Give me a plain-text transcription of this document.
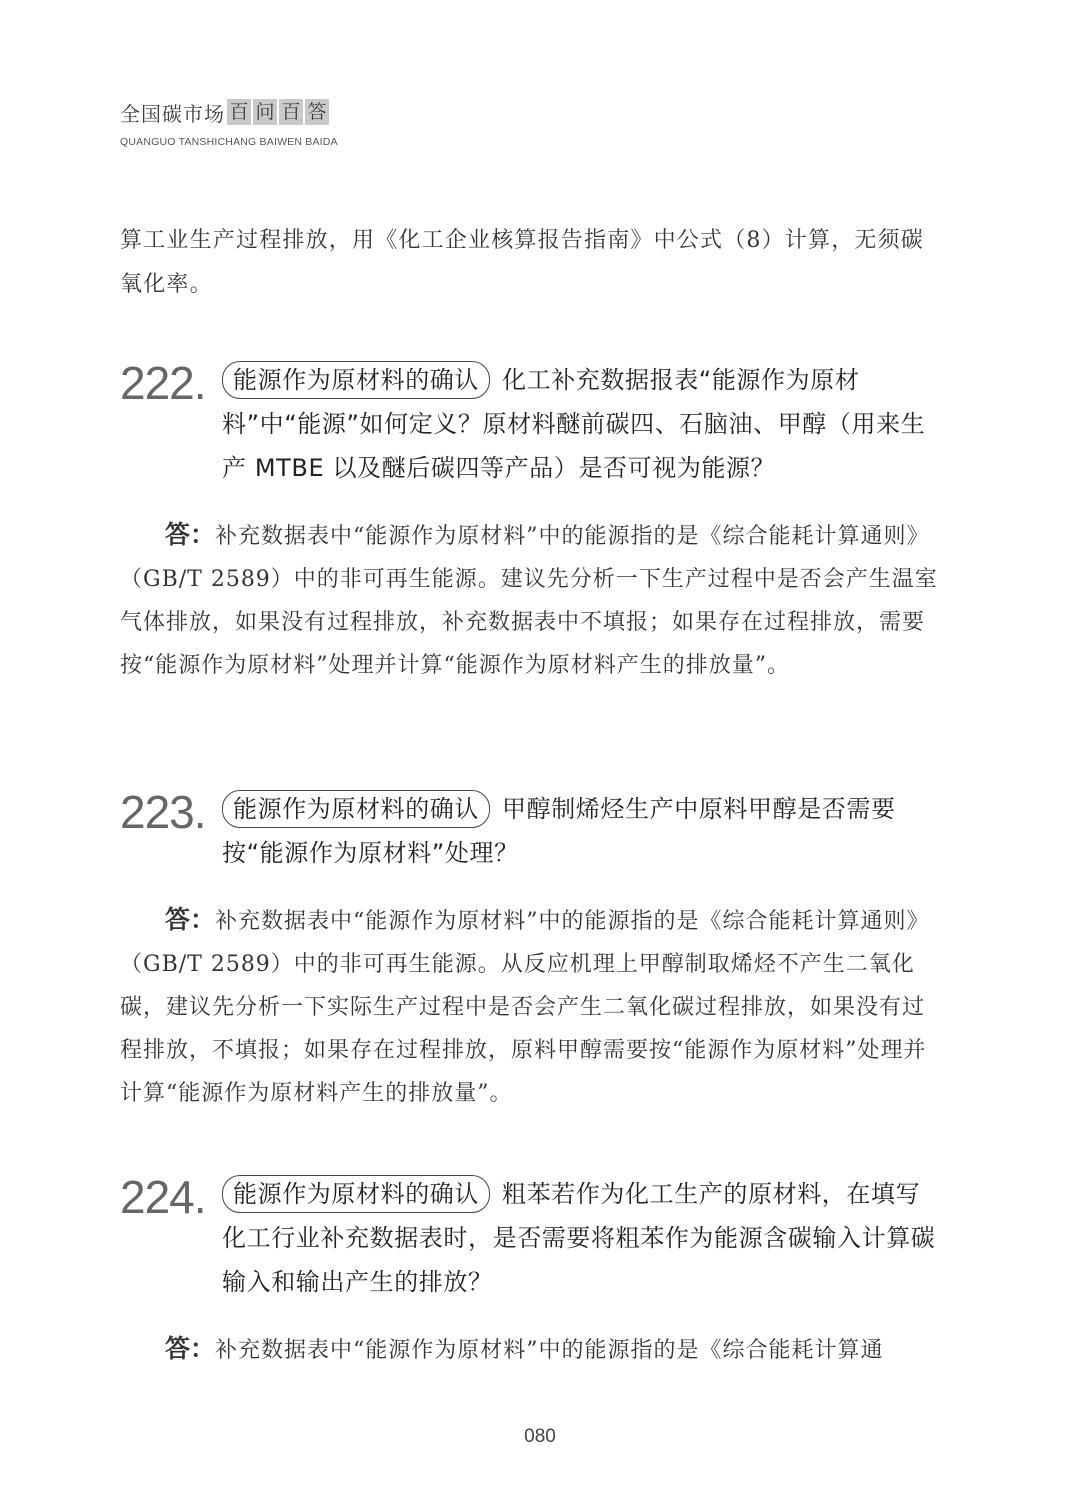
全国碳市场 百 问 百 答
QUANGUO TANSHICHANG BAIWEN BAIDA

算工业生产过程排放，用《化工企业核算报告指南》中公式（8）计算，无须碳氧化率。

222.	能源作为原材料的确认 化工补充数据报表“能源作为原材料”中“能源”如何定义？原材料醚前碳四、石脑油、甲醇（用来生产 MTBE 以及醚后碳四等产品）是否可视为能源？

答：补充数据表中“能源作为原材料”中的能源指的是《综合能耗计算通则》（GB/T 2589）中的非可再生能源。建议先分析一下生产过程中是否会产生温室气体排放，如果没有过程排放，补充数据表中不填报；如果存在过程排放，需要按“能源作为原材料”处理并计算“能源作为原材料产生的排放量”。

223.	能源作为原材料的确认 甲醇制烯烃生产中原料甲醇是否需要按“能源作为原材料”处理？

答：补充数据表中“能源作为原材料”中的能源指的是《综合能耗计算通则》（GB/T 2589）中的非可再生能源。从反应机理上甲醇制取烯烃不产生二氧化碳，建议先分析一下实际生产过程中是否会产生二氧化碳过程排放，如果没有过程排放，不填报；如果存在过程排放，原料甲醇需要按“能源作为原材料”处理并计算“能源作为原材料产生的排放量”。

224.	能源作为原材料的确认 粗苯若作为化工生产的原材料，在填写化工行业补充数据表时，是否需要将粗苯作为能源含碳输入计算碳输入和输出产生的排放？

答：补充数据表中“能源作为原材料”中的能源指的是《综合能耗计算通

080
